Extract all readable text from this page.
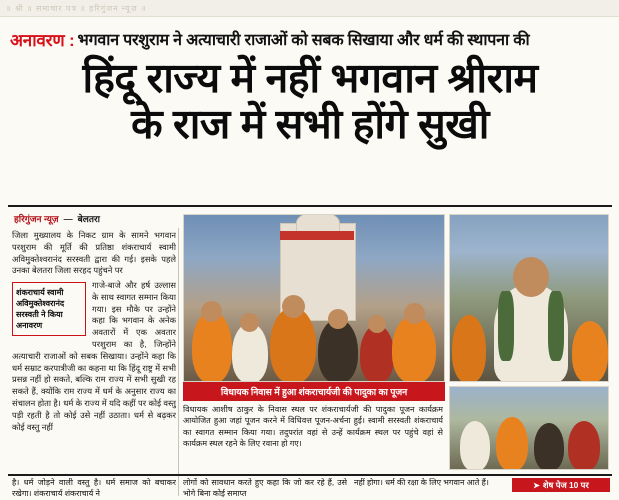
॥ श्री ॥ समाचार पत्र ॥ हरिगुंजन न्यूज़ ॥
अनावरण : भगवान परशुराम ने अत्याचारी राजाओं को सबक सिखाया और धर्म की स्थापना की
हिंदू राज्य में नहीं भगवान श्रीराम
के राज में सभी होंगे सुखी
हरिगुंजन न्यूज़ — बेलतरा

जिला मुख्यालय के निकट ग्राम के सामने भगवान परशुराम की मूर्ति की प्रतिष्ठा शंकराचार्य स्वामी अविमुक्तेश्वरानंद सरस्वती द्वारा की गई। इसके पहले उनका बेलतरा जिला सरहद पहुंचने पर

शंकराचार्य स्वामी अविमुक्तेश्वरानंद सरस्वती ने किया अनावरण

गाजे-बाजे और हर्ष उल्लास के साथ स्वागत सम्मान किया गया। इस मौके पर उन्होंने कहा कि भगवान के अनेक अवतारों में एक अवतार परशुराम का है, जिन्होंने अत्याचारी राजाओं को सबक सिखाया। उन्होंने कहा कि धर्म सम्राट करपात्रीजी का कहना था कि हिंदू राष्ट्र में सभी प्रसन्न नहीं हो सकते, बल्कि राम राज्य में सभी सुखी रह सकते हैं, क्योंकि राम राज्य में धर्म के अनुसार राज्य का संचालन होता है। धर्म के राज्य में यदि कहीं पर कोई वस्तु पड़ी रहती है तो कोई उसे नहीं उठाता। धर्म से बढ़कर कोई वस्तु नहीं

विधायक निवास में हुआ शंकराचार्यजी की पादुका का पूजन

विधायक आशीष ठाकुर के निवास स्थल पर शंकराचार्यजी की पादुका पूजन कार्यक्रम आयोजित हुआ जहां पूजन करने में विधिवत्त पूजन-अर्चना हुई। स्वामी सरस्वती शंकराचार्य का स्वागत सम्मान किया गया। तदुपरांत वहां से उन्हें कार्यक्रम स्थल पर पहुंचे वहां से कार्यक्रम स्थल रहने के लिए रवाना हो गए।

है। धर्म जोड़ने वाली वस्तु है। धर्म समाज को बचाकर रखेगा। शंकराचार्य शंकराचार्य ने
लोगों को सावधान करते हुए कहा कि जो कर रहे हैं, उसे भोगे बिना कोई समाप्त
नहीं होगा। धर्म की रक्षा के लिए भगवान आते हैं।	➤ शेष पेज 10 पर
